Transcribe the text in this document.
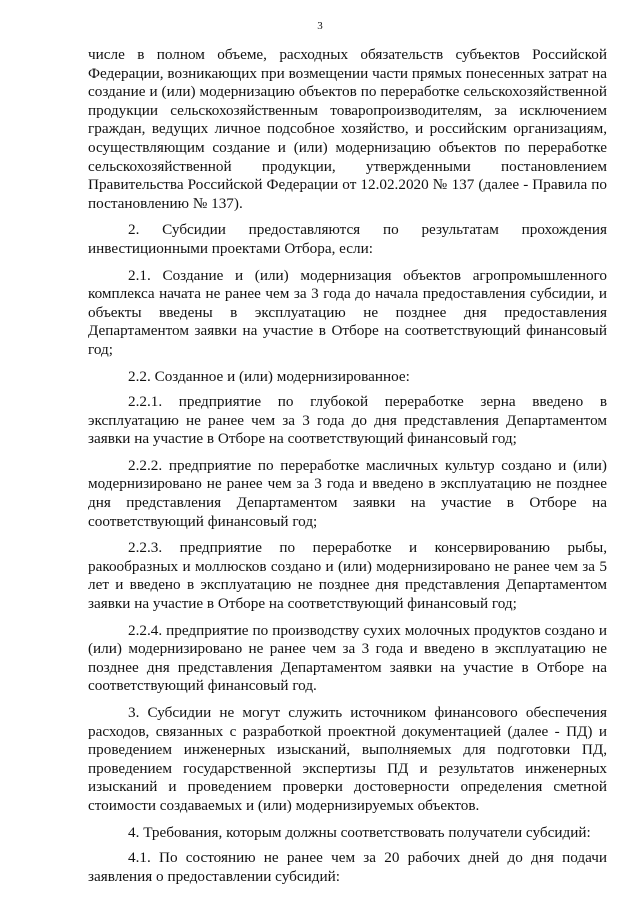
3

числе в полном объеме, расходных обязательств субъектов Российской Федерации, возникающих при возмещении части прямых понесенных затрат на создание и (или) модернизацию объектов по переработке сельскохозяйственной продукции сельскохозяйственным товаропроизводителям, за исключением граждан, ведущих личное подсобное хозяйство, и российским организациям, осуществляющим создание и (или) модернизацию объектов по переработке сельскохозяйственной продукции, утвержденными постановлением Правительства Российской Федерации от 12.02.2020 № 137 (далее - Правила по постановлению № 137).

2. Субсидии предоставляются по результатам прохождения инвестиционными проектами Отбора, если:

2.1. Создание и (или) модернизация объектов агропромышленного комплекса начата не ранее чем за 3 года до начала предоставления субсидии, и объекты введены в эксплуатацию не позднее дня предоставления Департаментом заявки на участие в Отборе на соответствующий финансовый год;

2.2. Созданное и (или) модернизированное:

2.2.1. предприятие по глубокой переработке зерна введено в эксплуатацию не ранее чем за 3 года до дня представления Департаментом заявки на участие в Отборе на соответствующий финансовый год;

2.2.2. предприятие по переработке масличных культур создано и (или) модернизировано не ранее чем за 3 года и введено в эксплуатацию не позднее дня представления Департаментом заявки на участие в Отборе на соответствующий финансовый год;

2.2.3. предприятие по переработке и консервированию рыбы, ракообразных и моллюсков создано и (или) модернизировано не ранее чем за 5 лет и введено в эксплуатацию не позднее дня представления Департаментом заявки на участие в Отборе на соответствующий финансовый год;

2.2.4. предприятие по производству сухих молочных продуктов создано и (или) модернизировано не ранее чем за 3 года и введено в эксплуатацию не позднее дня представления Департаментом заявки на участие в Отборе на соответствующий финансовый год.

3. Субсидии не могут служить источником финансового обеспечения расходов, связанных с разработкой проектной документацией (далее - ПД) и проведением инженерных изысканий, выполняемых для подготовки ПД, проведением государственной экспертизы ПД и результатов инженерных изысканий и проведением проверки достоверности определения сметной стоимости создаваемых и (или) модернизируемых объектов.

4. Требования, которым должны соответствовать получатели субсидий:

4.1. По состоянию не ранее чем за 20 рабочих дней до дня подачи заявления о предоставлении субсидий:
